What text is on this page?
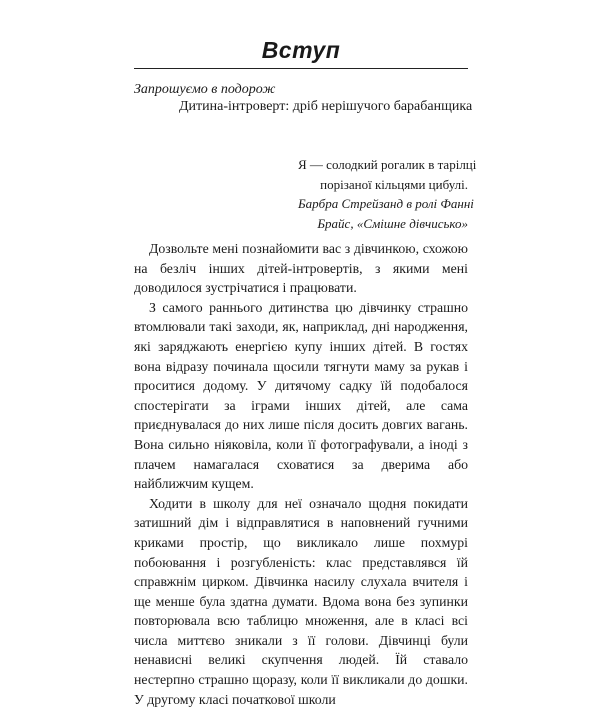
Вступ
Запрошуємо в подорож
Дитина-інтроверт: дріб нерішучого барабанщика
Я — солодкий рогалик в тарілці
порізаної кільцями цибулі.
Барбра Стрейзанд в ролі Фанні
Брайс, «Смішне дівчисько»

Дозвольте мені познайомити вас з дівчинкою, схожою на безліч інших дітей-інтровертів, з якими мені доводилося зустрічатися і працювати.

З самого раннього дитинства цю дівчинку страшно втомлювали такі заходи, як, наприклад, дні народження, які заряджають енергією купу інших дітей. В гостях вона відразу починала щосили тягнути маму за рукав і проситися додому. У дитячому садку їй подобалося спостерігати за іграми інших дітей, але сама приєднувалася до них лише після досить довгих вагань. Вона сильно ніяковіла, коли її фотографували, а іноді з плачем намагалася сховатися за дверима або найближчим кущем.

Ходити в школу для неї означало щодня покидати затишний дім і відправлятися в наповнений гучними криками простір, що викликало лише похмурі побоювання і розгубленість: клас представлявся їй справжнім цирком. Дівчинка насилу слухала вчителя і ще менше була здатна думати. Вдома вона без зупинки повторювала всю таблицю множення, але в класі всі числа миттєво зникали з її голови. Дівчинці були ненависні великі скупчення людей. Їй ставало нестерпно страшно щоразу, коли її викликали до дошки. У другому класі початкової школи
